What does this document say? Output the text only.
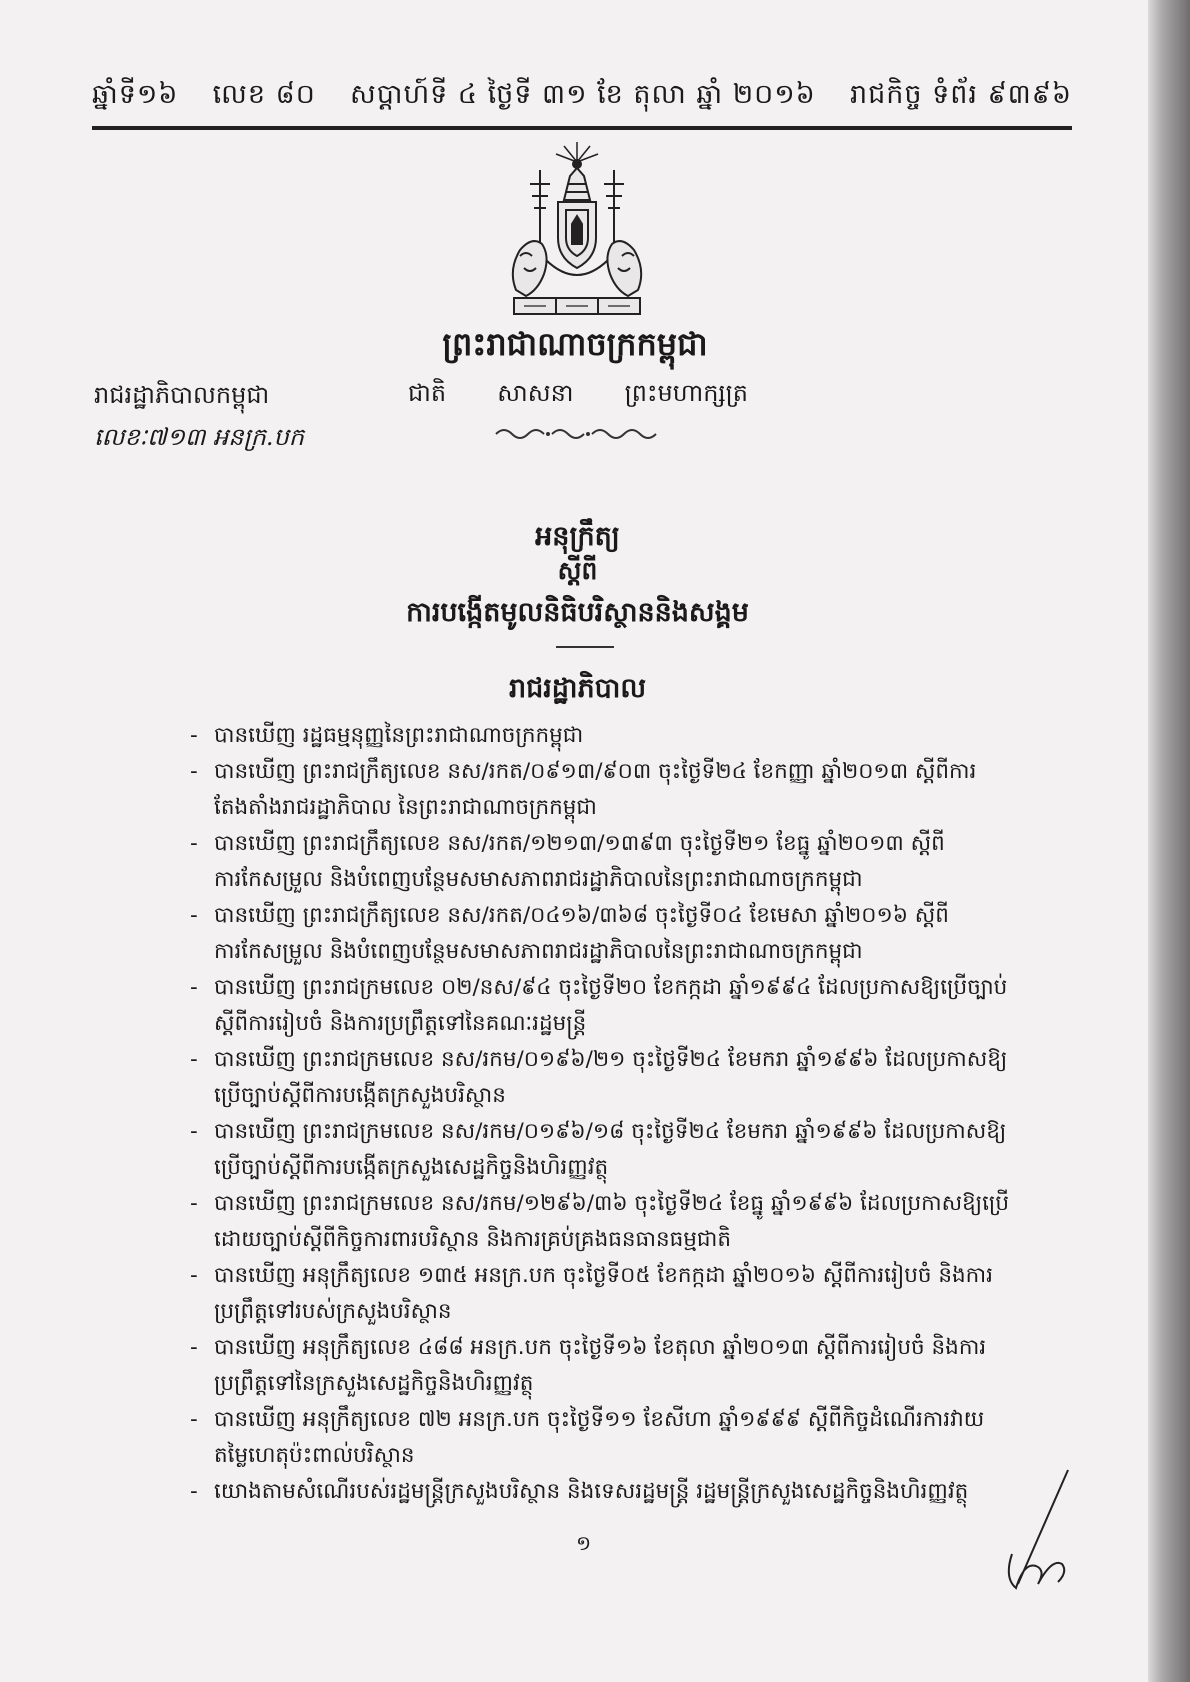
ឆ្នាំទី១៦ លេខ ៨០ សប្តាហ៍ទី ៤ ថ្ងៃទី ៣១ ខែ តុលា ឆ្នាំ ២០១៦ រាជកិច្ច ទំព័រ ៩៣៩៦
ព្រះរាជាណាចក្រកម្ពុជា
ជាតិ សាសនា ព្រះមហាក្សត្រ
រាជរដ្ឋាភិបាលកម្ពុជា
លេខៈ៧១៣ អនក្រ.បក
អនុក្រឹត្យ
ស្តីពី
ការបង្កើតមូលនិធិបរិស្ថាននិងសង្គម
រាជរដ្ឋាភិបាល
- បានឃើញ រដ្ឋធម្មនុញ្ញនៃព្រះរាជាណាចក្រកម្ពុជា
- បានឃើញ ព្រះរាជក្រឹត្យលេខ នស/រកត/០៩១៣/៩០៣ ចុះថ្ងៃទី២៤ ខែកញ្ញា ឆ្នាំ២០១៣ ស្តីពីការតែងតាំងរាជរដ្ឋាភិបាល នៃព្រះរាជាណាចក្រកម្ពុជា
- បានឃើញ ព្រះរាជក្រឹត្យលេខ នស/រកត/១២១៣/១៣៩៣ ចុះថ្ងៃទី២១ ខែធ្នូ ឆ្នាំ២០១៣ ស្តីពីការកែសម្រួល និងបំពេញបន្ថែមសមាសភាពរាជរដ្ឋាភិបាលនៃព្រះរាជាណាចក្រកម្ពុជា
- បានឃើញ ព្រះរាជក្រឹត្យលេខ នស/រកត/០៤១៦/៣៦៨ ចុះថ្ងៃទី០៤ ខែមេសា ឆ្នាំ២០១៦ ស្តីពីការកែសម្រួល និងបំពេញបន្ថែមសមាសភាពរាជរដ្ឋាភិបាលនៃព្រះរាជាណាចក្រកម្ពុជា
- បានឃើញ ព្រះរាជក្រមលេខ ០២/នស/៩៤ ចុះថ្ងៃទី២០ ខែកក្កដា ឆ្នាំ១៩៩៤ ដែលប្រកាសឱ្យប្រើច្បាប់ស្តីពីការរៀបចំ និងការប្រព្រឹត្តទៅនៃគណៈរដ្ឋមន្ត្រី
- បានឃើញ ព្រះរាជក្រមលេខ នស/រកម/០១៩៦/២១ ចុះថ្ងៃទី២៤ ខែមករា ឆ្នាំ១៩៩៦ ដែលប្រកាសឱ្យប្រើច្បាប់ស្តីពីការបង្កើតក្រសួងបរិស្ថាន
- បានឃើញ ព្រះរាជក្រមលេខ នស/រកម/០១៩៦/១៨ ចុះថ្ងៃទី២៤ ខែមករា ឆ្នាំ១៩៩៦ ដែលប្រកាសឱ្យប្រើច្បាប់ស្តីពីការបង្កើតក្រសួងសេដ្ឋកិច្ចនិងហិរញ្ញវត្ថុ
- បានឃើញ ព្រះរាជក្រមលេខ នស/រកម/១២៩៦/៣៦ ចុះថ្ងៃទី២៤ ខែធ្នូ ឆ្នាំ១៩៩៦ ដែលប្រកាសឱ្យប្រើដោយច្បាប់ស្តីពីកិច្ចការពារបរិស្ថាន និងការគ្រប់គ្រងធនធានធម្មជាតិ
- បានឃើញ អនុក្រឹត្យលេខ ១៣៥ អនក្រ.បក ចុះថ្ងៃទី០៥ ខែកក្កដា ឆ្នាំ២០១៦ ស្តីពីការរៀបចំ និងការប្រព្រឹត្តទៅរបស់ក្រសួងបរិស្ថាន
- បានឃើញ អនុក្រឹត្យលេខ ៤៨៨ អនក្រ.បក ចុះថ្ងៃទី១៦ ខែតុលា ឆ្នាំ២០១៣ ស្តីពីការរៀបចំ និងការប្រព្រឹត្តទៅនៃក្រសួងសេដ្ឋកិច្ចនិងហិរញ្ញវត្ថុ
- បានឃើញ អនុក្រឹត្យលេខ ៧២ អនក្រ.បក ចុះថ្ងៃទី១១ ខែសីហា ឆ្នាំ១៩៩៩ ស្តីពីកិច្ចដំណើរការវាយតម្លៃហេតុប៉ះពាល់បរិស្ថាន
- យោងតាមសំណើរបស់រដ្ឋមន្ត្រីក្រសួងបរិស្ថាន និងទេសរដ្ឋមន្ត្រី រដ្ឋមន្ត្រីក្រសួងសេដ្ឋកិច្ចនិងហិរញ្ញវត្ថុ
១
